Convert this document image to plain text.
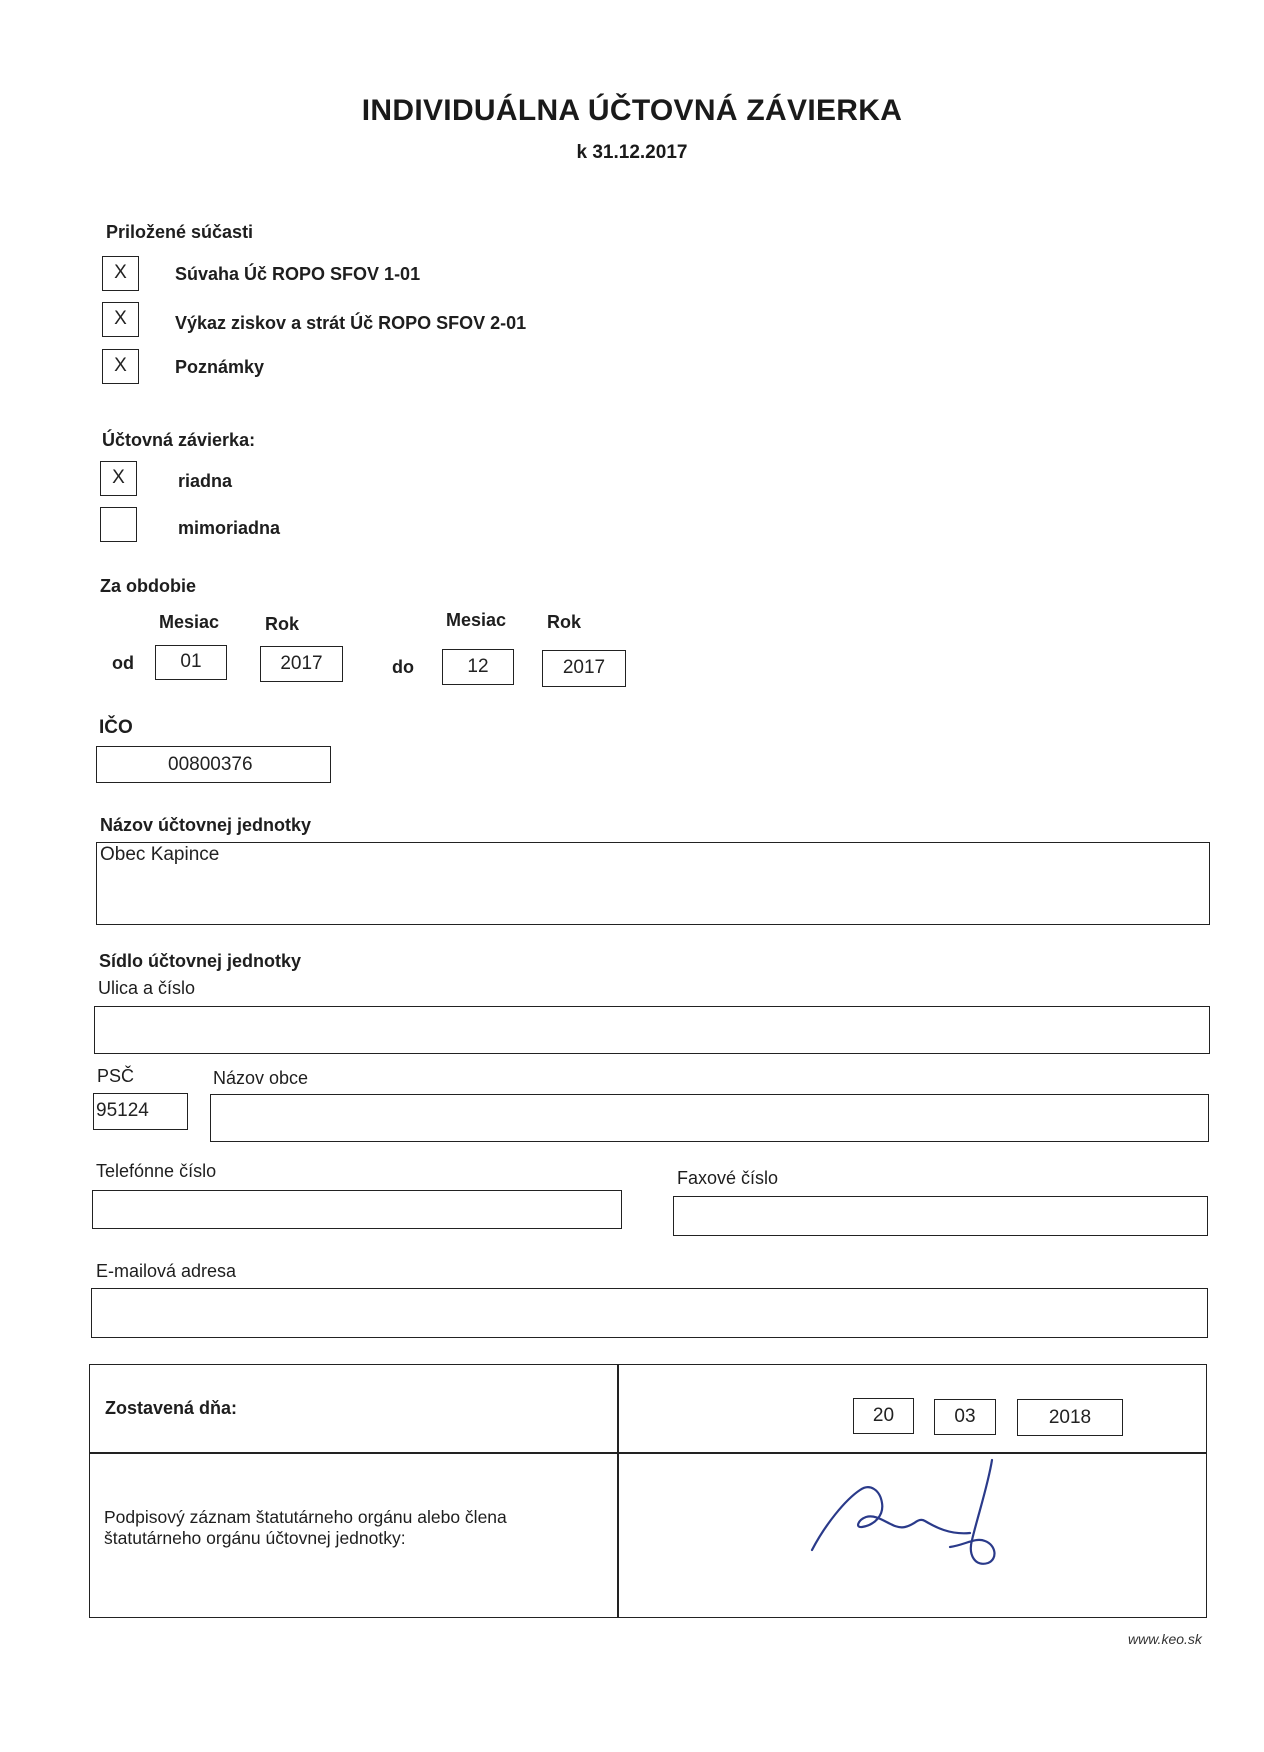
INDIVIDUÁLNA ÚČTOVNÁ ZÁVIERKA
k 31.12.2017
Priložené súčasti
X	Súvaha Úč ROPO SFOV 1-01
X	Výkaz ziskov a strát Úč ROPO SFOV 2-01
X	Poznámky
Účtovná závierka:
X	riadna
mimoriadna
Za obdobie
Mesiac	Rok	Mesiac Rok
od	01	2017	do	12	2017
IČO
00800376
Názov účtovnej jednotky
Obec Kapince
Sídlo účtovnej jednotky
Ulica a číslo
PSČ	Názov obce
95124
Telefónne číslo	Faxové číslo
E-mailová adresa
Zostavená dňa:	20	03	2018
Podpisový záznam štatutárneho orgánu alebo člena štatutárneho orgánu účtovnej jednotky:
www.keo.sk
